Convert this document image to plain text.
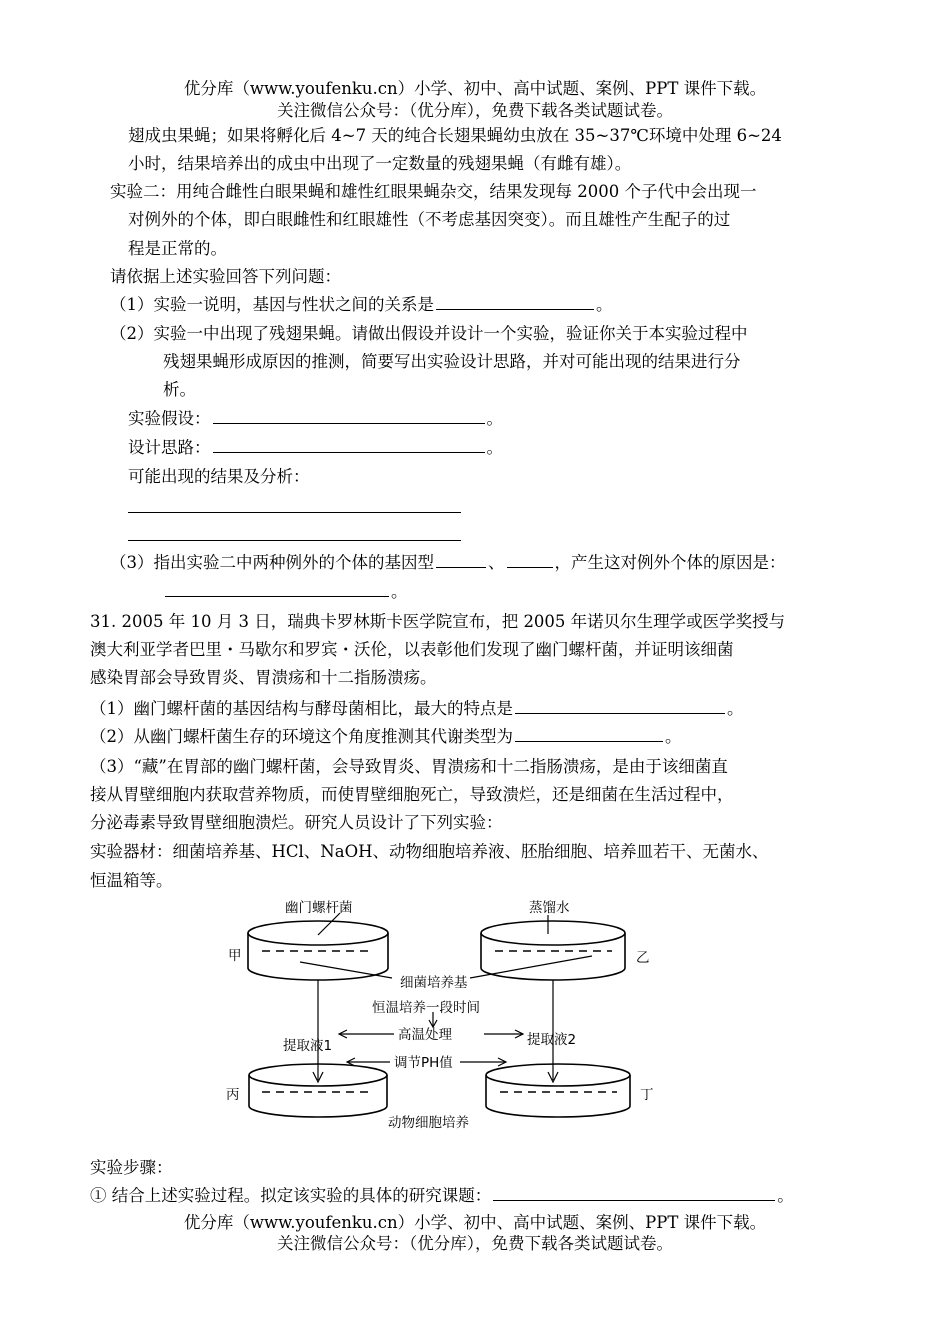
优分库（www.youfenku.cn）小学、初中、高中试题、案例、PPT 课件下载。
关注微信公众号：（优分库），免费下载各类试题试卷。
翅成虫果蝇；如果将孵化后 4~7 天的纯合长翅果蝇幼虫放在 35~37℃环境中处理 6~24
小时，结果培养出的成虫中出现了一定数量的残翅果蝇（有雌有雄）。
实验二：用纯合雌性白眼果蝇和雄性红眼果蝇杂交，结果发现每 2000 个子代中会出现一
对例外的个体，即白眼雌性和红眼雄性（不考虑基因突变）。而且雄性产生配子的过
程是正常的。
请依据上述实验回答下列问题：
（1）实验一说明，基因与性状之间的关系是	。
（2）实验一中出现了残翅果蝇。请做出假设并设计一个实验，验证你关于本实验过程中
残翅果蝇形成原因的推测，简要写出实验设计思路，并对可能出现的结果进行分
析。
实验假设：	。
设计思路：	。
可能出现的结果及分析：
（3）指出实验二中两种例外的个体的基因型	、	，产生这对例外个体的原因是：
。
31. 2005 年 10 月 3 日，瑞典卡罗林斯卡医学院宣布，把 2005 年诺贝尔生理学或医学奖授与
澳大利亚学者巴里・马歇尔和罗宾・沃伦，以表彰他们发现了幽门螺杆菌，并证明该细菌
感染胃部会导致胃炎、胃溃疡和十二指肠溃疡。
（1）幽门螺杆菌的基因结构与酵母菌相比，最大的特点是	。
（2）从幽门螺杆菌生存的环境这个角度推测其代谢类型为	。
（3）“藏”在胃部的幽门螺杆菌，会导致胃炎、胃溃疡和十二指肠溃疡，是由于该细菌直
接从胃壁细胞内获取营养物质，而使胃壁细胞死亡，导致溃烂，还是细菌在生活过程中，
分泌毒素导致胃壁细胞溃烂。研究人员设计了下列实验：
实验器材：细菌培养基、HCl、NaOH、动物细胞培养液、胚胎细胞、培养皿若干、无菌水、
恒温箱等。
幽门螺杆菌	蒸馏水
甲	乙
细菌培养基
恒温培养一段时间
高温处理
提取液1	提取液2
调节PH值
丙	丁
动物细胞培养
实验步骤：
① 结合上述实验过程。拟定该实验的具体的研究课题：	。
优分库（www.youfenku.cn）小学、初中、高中试题、案例、PPT 课件下载。
关注微信公众号：（优分库），免费下载各类试题试卷。
